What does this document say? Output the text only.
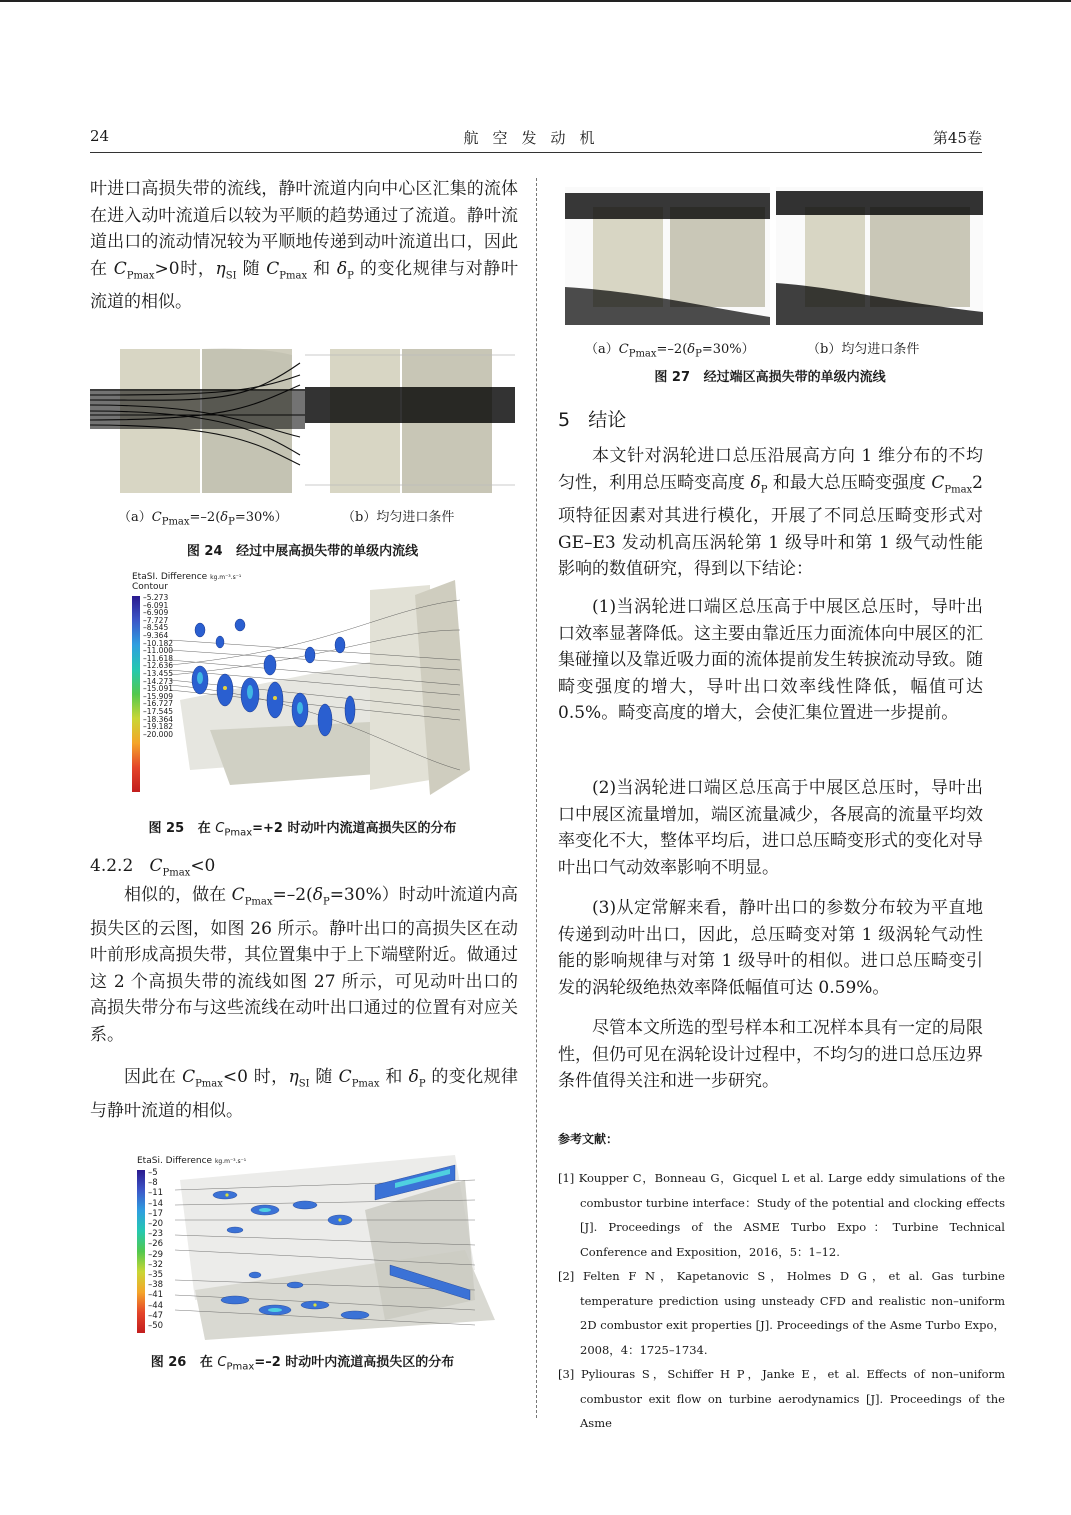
24	航空发动机	第45卷

叶进口高损失带的流线，静叶流道内向中心区汇集的流体在进入动叶流道后以较为平顺的趋势通过了流道。静叶流道出口的流动情况较为平顺地传递到动叶流道出口，因此在 $C_{Pmax}>0$时，$\eta_{SI}$ 随 $C_{Pmax}$ 和 $\delta_P$ 的变化规律与对静叶流道的相似。

$(a)C_{Pmax}=-2(\delta_P=30\%)$	（b）均匀进口条件
图 24 经过中展高损失带的单级内流线
EtaSI. Difference kg.m⁻³.s⁻¹
Contour
–5.273
–6.091
–6.909
–7.727
–8.545
–9.364
–10.182
–11.000
–11.618
–12.636
–13.455
–14.273
–15.091
–15.909
–16.727
–17.545
–18.364
–19.182
–20.000
图 25 在 $C_{Pmax}=+2$ 时动叶内流道高损失区的分布
4.2.2 $C_{Pmax}<0$

相似的，做在 $C_{Pmax}=-2(\delta_P=30\%)$时动叶流道内高损失区的云图，如图 26 所示。静叶出口的高损失区在动叶前形成高损失带，其位置集中于上下端壁附近。做通过这 2 个高损失带的流线如图 27 所示，可见动叶出口的高损失带分布与这些流线在动叶出口通过的位置有对应关系。

因此在 $C_{Pmax}<0$ 时，$\eta_{SI}$ 随 $C_{Pmax}$ 和 $\delta_P$ 的变化规律与静叶流道的相似。

EtaSi. Difference kg.m⁻³.s⁻¹
–5
–8
–11
–14
–17
–20
–23
–26
–29
–32
–35
–38
–41
–44
–47
–50
图 26 在 $C_{Pmax}=-2$ 时动叶内流道高损失区的分布
$(a)C_{Pmax}=-2(\delta_P=30\%)$	（b）均匀进口条件
图 27 经过端区高损失带的单级内流线
5 结论

本文针对涡轮进口总压沿展高方向 1 维分布的不均匀性，利用总压畸变高度 $\delta_P$ 和最大总压畸变强度 $C_{Pmax}2$ 项特征因素对其进行模化，开展了不同总压畸变形式对 GE–E3 发动机高压涡轮第 1 级导叶和第 1 级气动性能影响的数值研究，得到以下结论：

(1)当涡轮进口端区总压高于中展区总压时，导叶出口效率显著降低。这主要由靠近压力面流体向中展区的汇集碰撞以及靠近吸力面的流体提前发生转捩流动导致。随畸变强度的增大，导叶出口效率线性降低，幅值可达 0.5%。畸变高度的增大，会使汇集位置进一步提前。

(2)当涡轮进口端区总压高于中展区总压时，导叶出口中展区流量增加，端区流量减少，各展高的流量平均效率变化不大，整体平均后，进口总压畸变形式的变化对导叶出口气动效率影响不明显。

(3)从定常解来看，静叶出口的参数分布较为平直地传递到动叶出口，因此，总压畸变对第 1 级涡轮气动性能的影响规律与对第 1 级导叶的相似。进口总压畸变引发的涡轮级绝热效率降低幅值可达 0.59%。

尽管本文所选的型号样本和工况样本具有一定的局限性，但仍可见在涡轮设计过程中，不均匀的进口总压边界条件值得关注和进一步研究。

参考文献：

[1] Koupper C，Bonneau G，Gicquel L et al. Large eddy simulations of the combustor turbine interface：Study of the potential and clocking effects [J]. Proceedings of the ASME Turbo Expo：Turbine Technical Conference and Exposition，2016，5：1–12.

[2] Felten F N，Kapetanovic S，Holmes D G，et al. Gas turbine temperature prediction using unsteady CFD and realistic non–uniform 2D combustor exit properties [J]. Proceedings of the Asme Turbo Expo，2008，4：1725–1734.

[3] Pyliouras S，Schiffer H P，Janke E，et al. Effects of non–uniform combustor exit flow on turbine aerodynamics [J]. Proceedings of the Asme
